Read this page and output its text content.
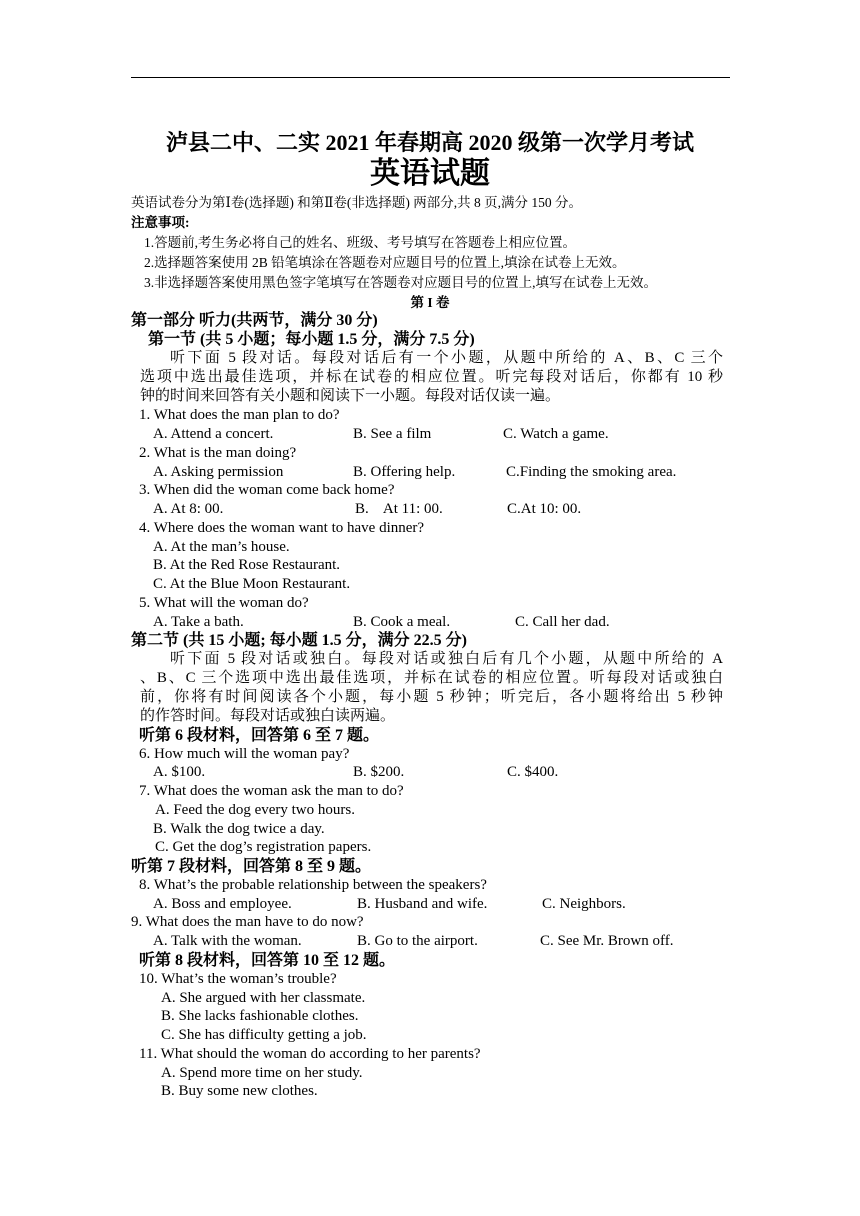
泸县二中、二实 2021 年春期高 2020 级第一次学月考试
英语试题
英语试卷分为第Ⅰ卷(选择题) 和第Ⅱ卷(非选择题) 两部分,共 8 页,满分 150 分。
注意事项:
1.答题前,考生务必将自己的姓名、班级、考号填写在答题卷上相应位置。
2.选择题答案使用 2B 铅笔填涂在答题卷对应题目号的位置上,填涂在试卷上无效。
3.非选择题答案使用黑色签字笔填写在答题卷对应题目号的位置上,填写在试卷上无效。
第 I 卷
第一部分 听力(共两节，满分 30 分)
第一节 (共 5 小题；每小题 1.5 分，满分 7.5 分)
听下面 5 段对话。每段对话后有一个小题，从题中所给的 A、B、C 三个
选项中选出最佳选项，并标在试卷的相应位置。听完每段对话后，你都有 10 秒
钟的时间来回答有关小题和阅读下一小题。每段对话仅读一遍。
1. What does the man plan to do?
A. Attend a concert.	B. See a film	C. Watch a game.
2. What is the man doing?
A. Asking permission	B. Offering help.	C.Finding the smoking area.
3. When did the woman come back home?
A. At 8: 00.	B.    At 11: 00.	C.At 10: 00.
4. Where does the woman want to have dinner?
A. At the man’s house.
B. At the Red Rose Restaurant.
C. At the Blue Moon Restaurant.
5. What will the woman do?
A. Take a bath.	B. Cook a meal.	C. Call her dad.
第二节 (共 15 小题; 每小题 1.5 分，满分 22.5 分)
听下面 5 段对话或独白。每段对话或独白后有几个小题，从题中所给的 A
、B、C 三个选项中选出最佳选项，并标在试卷的相应位置。听每段对话或独白
前，你将有时间阅读各个小题，每小题 5 秒钟；听完后，各小题将给出 5 秒钟
的作答时间。每段对话或独白读两遍。
听第 6 段材料，回答第 6 至 7 题。
6. How much will the woman pay?
A. $100.	B. $200.	C. $400.
7. What does the woman ask the man to do?
A. Feed the dog every two hours.
B. Walk the dog twice a day.
C. Get the dog’s registration papers.
听第 7 段材料，回答第 8 至 9 题。
8. What’s the probable relationship between the speakers?
A. Boss and employee.	B. Husband and wife.	C. Neighbors.
9. What does the man have to do now?
A. Talk with the woman.	B. Go to the airport.	C. See Mr. Brown off.
听第 8 段材料，回答第 10 至 12 题。
10. What’s the woman’s trouble?
A. She argued with her classmate.
B. She lacks fashionable clothes.
C. She has difficulty getting a job.
11. What should the woman do according to her parents?
A. Spend more time on her study.
B. Buy some new clothes.
